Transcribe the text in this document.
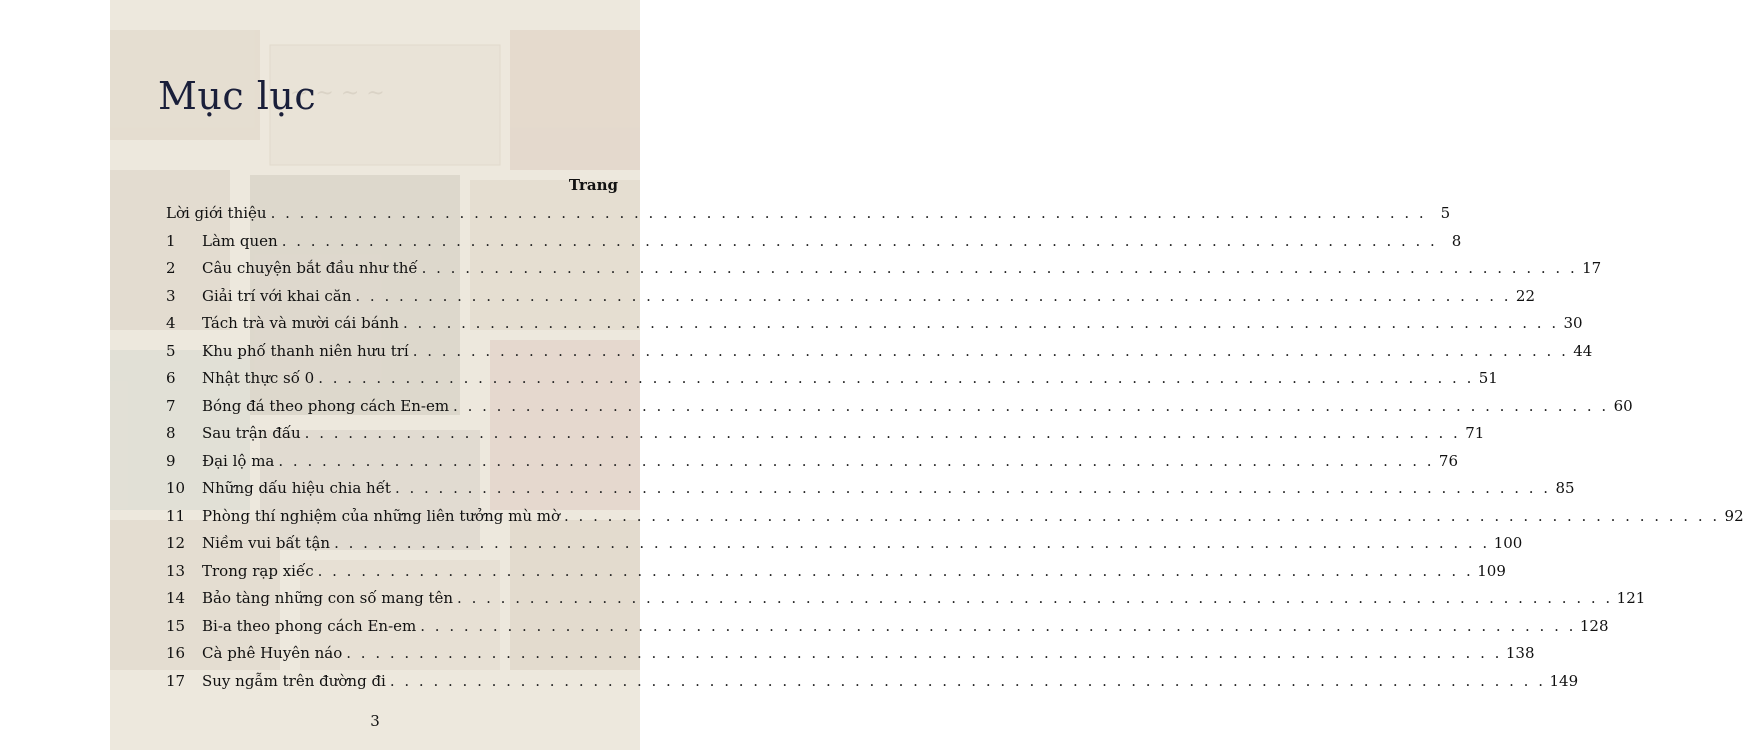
Mục lục
Trang
Lời giới thiệu . . . . . . . . . . . . . . . . . . . . . . . . . . . . . . . . . . . . . . . . . . . . . . . . . . . . . . . . . . . . . . . . . . . . . . . . . . . . . . . . 5
1	Làm quen . . . . . . . . . . . . . . . . . . . . . . . . . . . . . . . . . . . . . . . . . . . . . . . . . . . . . . . . . . . . . . . . . . . . . . . . . . . . . . . . 8
2	Câu chuyện bắt đầu như thế . . . . . . . . . . . . . . . . . . . . . . . . . . . . . . . . . . . . . . . . . . . . . . . . . . . . . . . . . . . . . . . . . . . . . . . . . . . . . . . . 17
3	Giải trí với khai căn . . . . . . . . . . . . . . . . . . . . . . . . . . . . . . . . . . . . . . . . . . . . . . . . . . . . . . . . . . . . . . . . . . . . . . . . . . . . . . . . 22
4	Tách trà và mười cái bánh . . . . . . . . . . . . . . . . . . . . . . . . . . . . . . . . . . . . . . . . . . . . . . . . . . . . . . . . . . . . . . . . . . . . . . . . . . . . . . . . 30
5	Khu phố thanh niên hưu trí . . . . . . . . . . . . . . . . . . . . . . . . . . . . . . . . . . . . . . . . . . . . . . . . . . . . . . . . . . . . . . . . . . . . . . . . . . . . . . . . 44
6	Nhật thực số 0 . . . . . . . . . . . . . . . . . . . . . . . . . . . . . . . . . . . . . . . . . . . . . . . . . . . . . . . . . . . . . . . . . . . . . . . . . . . . . . . . 51
7	Bóng đá theo phong cách En-em . . . . . . . . . . . . . . . . . . . . . . . . . . . . . . . . . . . . . . . . . . . . . . . . . . . . . . . . . . . . . . . . . . . . . . . . . . . . . . . . 60
8	Sau trận đấu . . . . . . . . . . . . . . . . . . . . . . . . . . . . . . . . . . . . . . . . . . . . . . . . . . . . . . . . . . . . . . . . . . . . . . . . . . . . . . . . 71
9	Đại lộ ma . . . . . . . . . . . . . . . . . . . . . . . . . . . . . . . . . . . . . . . . . . . . . . . . . . . . . . . . . . . . . . . . . . . . . . . . . . . . . . . . 76
10	Những dấu hiệu chia hết . . . . . . . . . . . . . . . . . . . . . . . . . . . . . . . . . . . . . . . . . . . . . . . . . . . . . . . . . . . . . . . . . . . . . . . . . . . . . . . . 85
11	Phòng thí nghiệm của những liên tưởng mù mờ . . . . . . . . . . . . . . . . . . . . . . . . . . . . . . . . . . . . . . . . . . . . . . . . . . . . . . . . . . . . . . . . . . . . . . . . . . . . . . . . 92
12	Niềm vui bất tận . . . . . . . . . . . . . . . . . . . . . . . . . . . . . . . . . . . . . . . . . . . . . . . . . . . . . . . . . . . . . . . . . . . . . . . . . . . . . . . . 100
13	Trong rạp xiếc . . . . . . . . . . . . . . . . . . . . . . . . . . . . . . . . . . . . . . . . . . . . . . . . . . . . . . . . . . . . . . . . . . . . . . . . . . . . . . . . 109
14	Bảo tàng những con số mang tên . . . . . . . . . . . . . . . . . . . . . . . . . . . . . . . . . . . . . . . . . . . . . . . . . . . . . . . . . . . . . . . . . . . . . . . . . . . . . . . . 121
15	Bi-a theo phong cách En-em . . . . . . . . . . . . . . . . . . . . . . . . . . . . . . . . . . . . . . . . . . . . . . . . . . . . . . . . . . . . . . . . . . . . . . . . . . . . . . . . 128
16	Cà phê Huyên náo . . . . . . . . . . . . . . . . . . . . . . . . . . . . . . . . . . . . . . . . . . . . . . . . . . . . . . . . . . . . . . . . . . . . . . . . . . . . . . . . 138
17	Suy ngẫm trên đường đi . . . . . . . . . . . . . . . . . . . . . . . . . . . . . . . . . . . . . . . . . . . . . . . . . . . . . . . . . . . . . . . . . . . . . . . . . . . . . . . . 149
3
